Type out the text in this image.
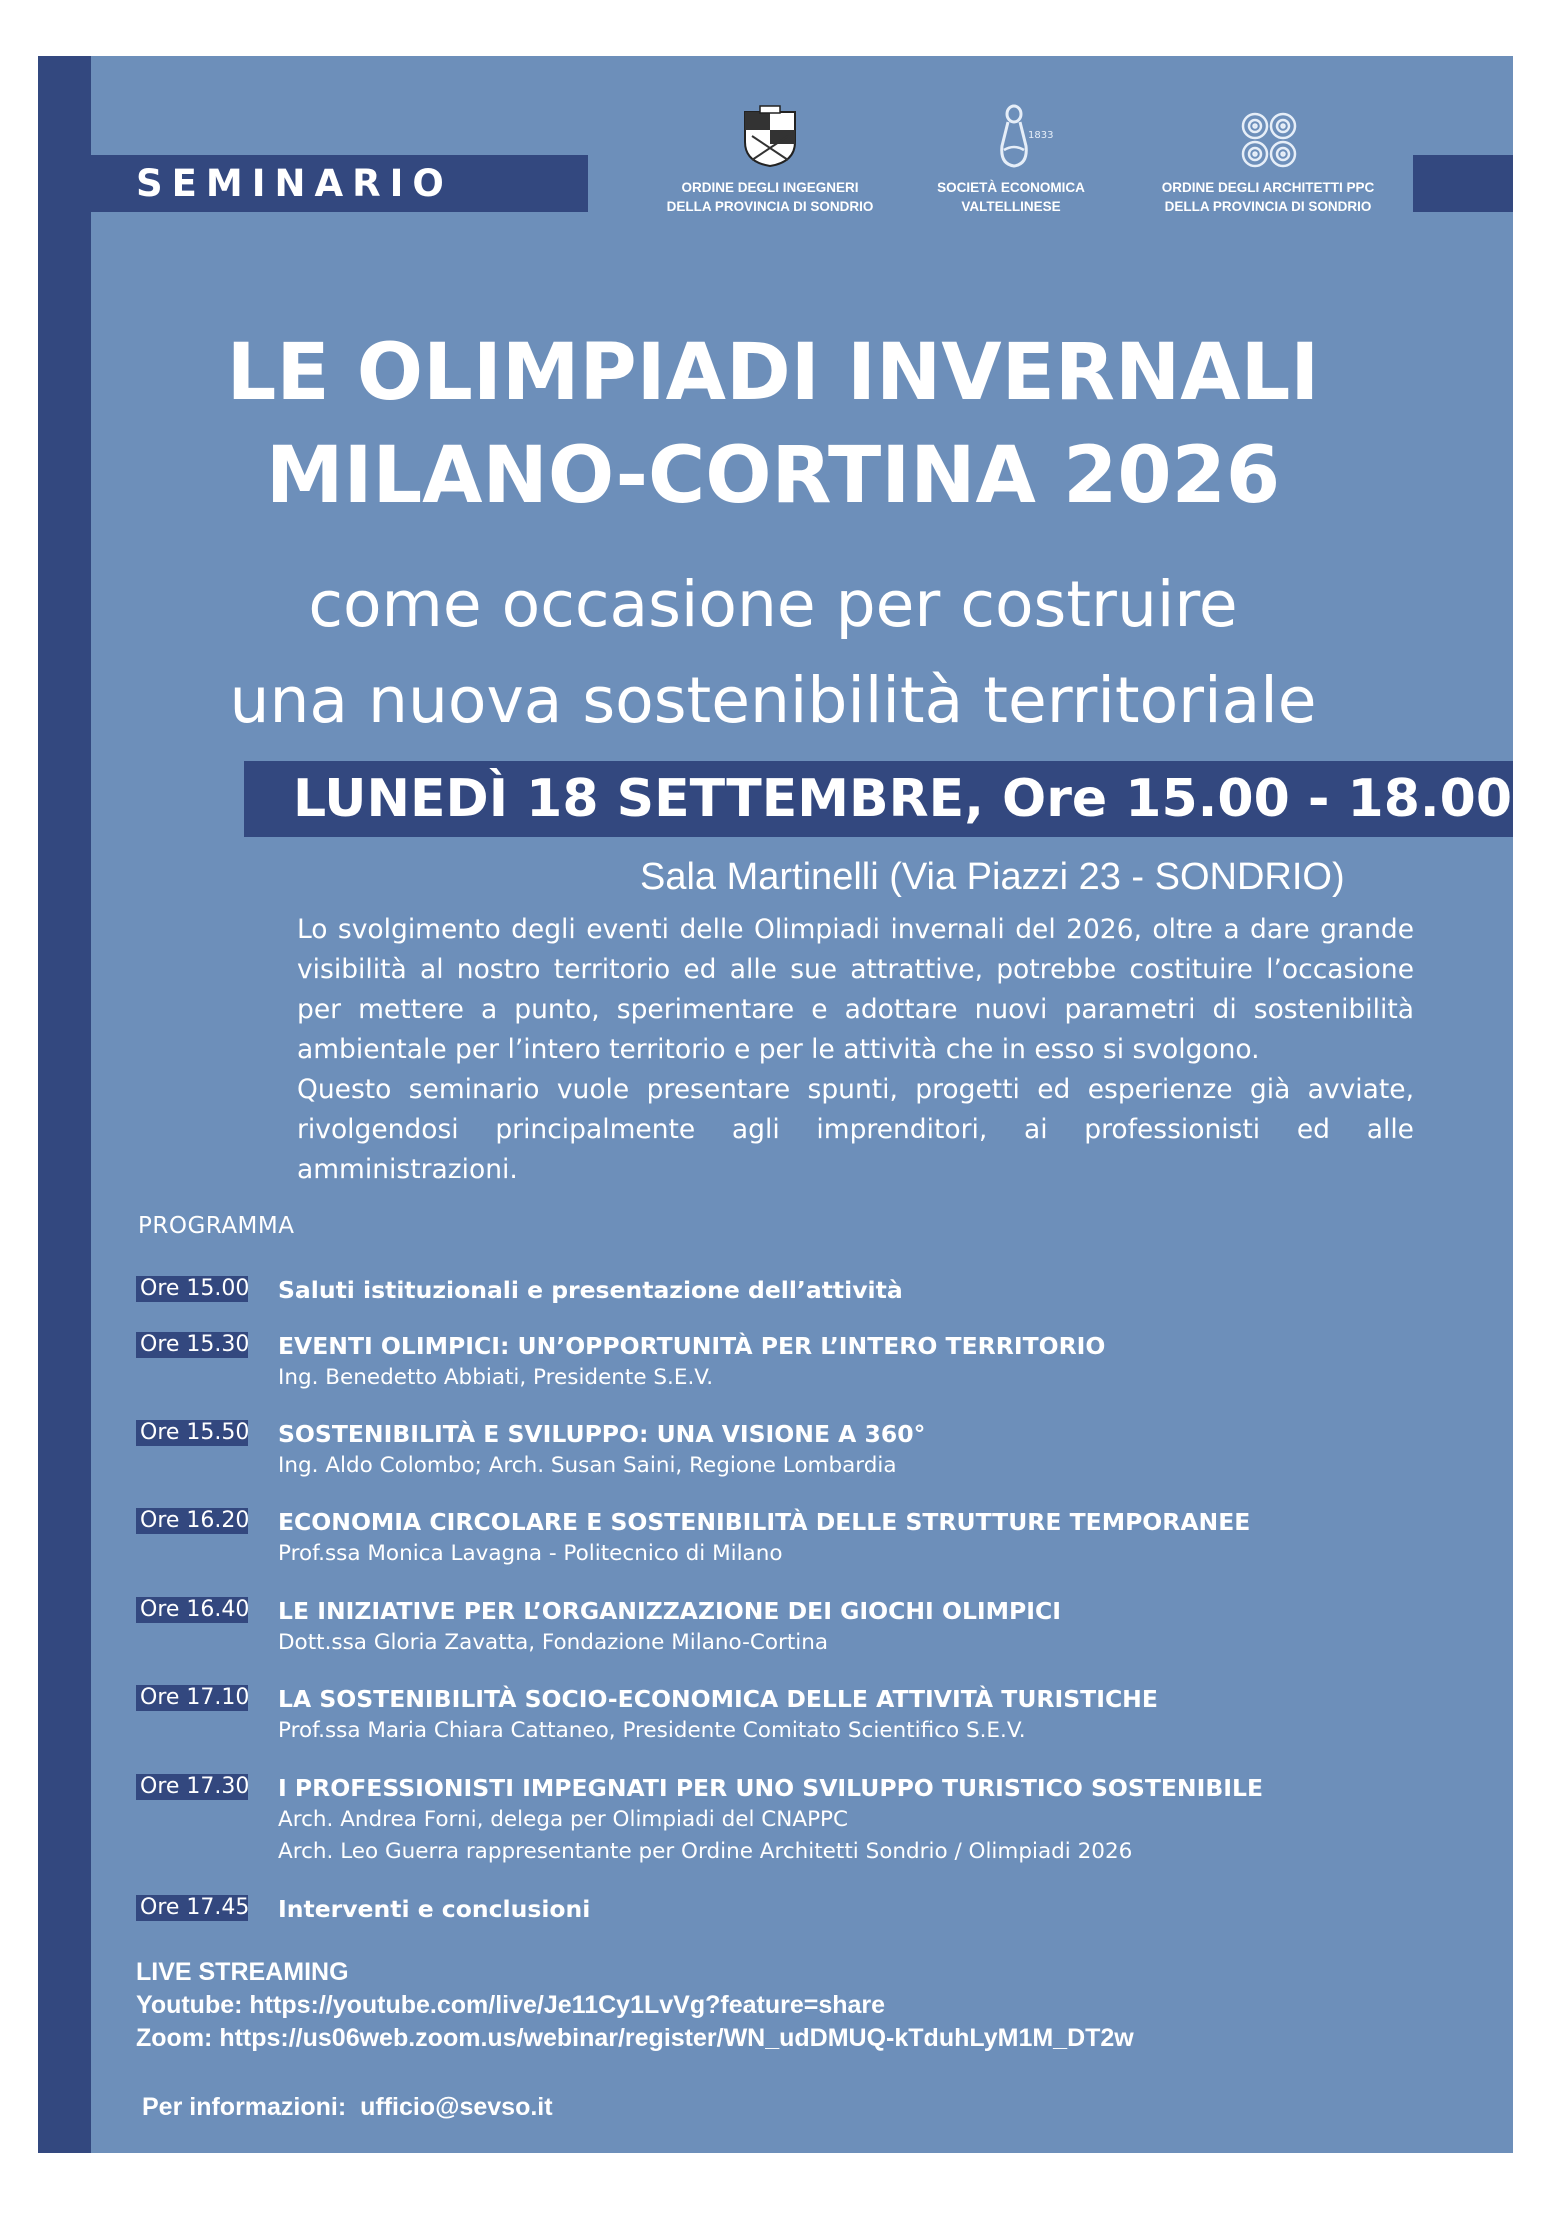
SEMINARIO	ORDINE DEGLI INGEGNERI
DELLA PROVINCIA DI SONDRIO
1833
SOCIETÀ ECONOMICA
VALTELLINESE
ORDINE DEGLI ARCHITETTI PPC
DELLA PROVINCIA DI SONDRIO
LE OLIMPIADI INVERNALI
MILANO-CORTINA 2026
come occasione per costruire
una nuova sostenibilità territoriale
LUNEDÌ 18 SETTEMBRE, Ore 15.00 - 18.00
Sala Martinelli (Via Piazzi 23 - SONDRIO)

Lo svolgimento degli eventi delle Olimpiadi invernali del 2026, oltre a dare grande visibilità al nostro territorio ed alle sue attrattive, potrebbe costituire l’occasione per mettere a punto, sperimentare e adottare nuovi parametri di sostenibilità ambientale per l’intero territorio e per le attività che in esso si svolgono.

Questo seminario vuole presentare spunti, progetti ed esperienze già avviate, rivolgendosi principalmente agli imprenditori, ai professionisti ed alle amministrazioni.

PROGRAMMA
Ore 15.00 Saluti istituzionali e presentazione dell’attività
Ore 15.30 EVENTI OLIMPICI: UN’OPPORTUNITÀ PER L’INTERO TERRITORIO
Ing. Benedetto Abbiati, Presidente S.E.V.
Ore 15.50 SOSTENIBILITÀ E SVILUPPO: UNA VISIONE A 360°
Ing. Aldo Colombo; Arch. Susan Saini, Regione Lombardia
Ore 16.20 ECONOMIA CIRCOLARE E SOSTENIBILITÀ DELLE STRUTTURE TEMPORANEE
Prof.ssa Monica Lavagna - Politecnico di Milano
Ore 16.40 LE INIZIATIVE PER L’ORGANIZZAZIONE DEI GIOCHI OLIMPICI
Dott.ssa Gloria Zavatta, Fondazione Milano-Cortina
Ore 17.10 LA SOSTENIBILITÀ SOCIO-ECONOMICA DELLE ATTIVITÀ TURISTICHE
Prof.ssa Maria Chiara Cattaneo, Presidente Comitato Scientifico S.E.V.
Ore 17.30 I PROFESSIONISTI IMPEGNATI PER UNO SVILUPPO TURISTICO SOSTENIBILE
Arch. Andrea Forni, delega per Olimpiadi del CNAPPC
Arch. Leo Guerra rappresentante per Ordine Architetti Sondrio / Olimpiadi 2026
Ore 17.45 Interventi e conclusioni
LIVE STREAMING
Youtube: https://youtube.com/live/Je11Cy1LvVg?feature=share
Zoom: https://us06web.zoom.us/webinar/register/WN_udDMUQ-kTduhLyM1M_DT2w
Per informazioni: ufficio@sevso.it
